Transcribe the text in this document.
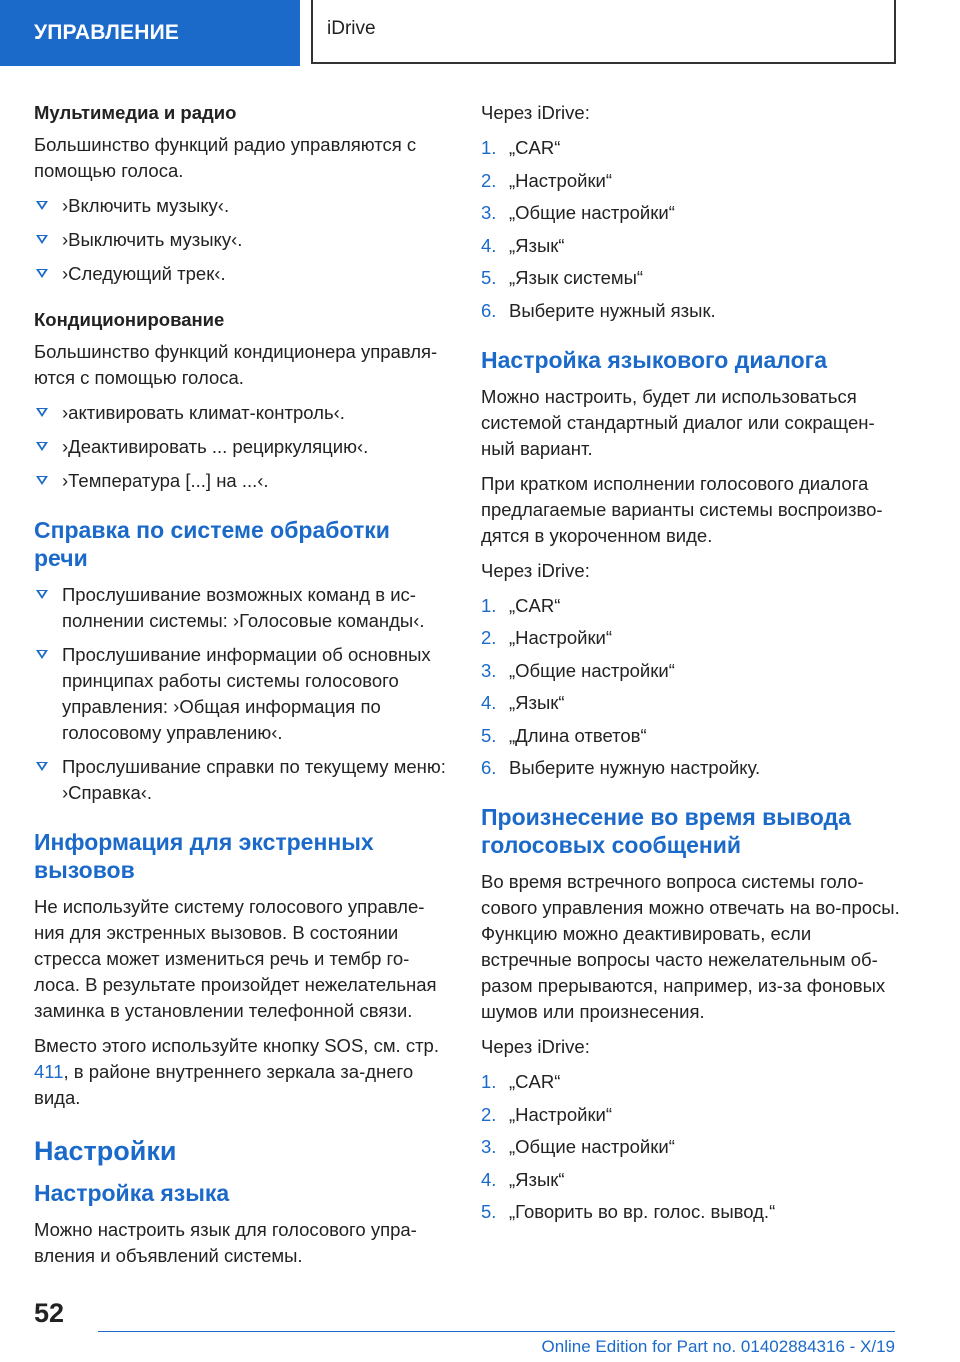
УПРАВЛЕНИЕ	iDrive
Мультимедиа и радио

Большинство функций радио управляются с помощью голоса.

›Включить музыку‹.
›Выключить музыку‹.
›Следующий трек‹.
Кондиционирование

Большинство функций кондиционера управля-ются с помощью голоса.

›активировать климат-контроль‹.
›Деактивировать ... рециркуляцию‹.
›Температура [...] на ...‹.
Справка по системе обработки речи
Прослушивание возможных команд в ис-полнении системы: ›Голосовые команды‹.
Прослушивание информации об основных принципах работы системы голосового управления: ›Общая информация по голосовому управлению‹.
Прослушивание справки по текущему меню: ›Справка‹.
Информация для экстренных вызовов

Не используйте систему голосового управле-ния для экстренных вызовов. В состоянии стресса может измениться речь и тембр го-лоса. В результате произойдет нежелательная заминка в установлении телефонной связи.

Вместо этого используйте кнопку SOS, см. стр. 411, в районе внутреннего зеркала за-днего вида.

Настройки
Настройка языка

Можно настроить язык для голосового упра-вления и объявлений системы.

Через iDrive:

1. „CAR“
2. „Настройки“
3. „Общие настройки“
4. „Язык“
5. „Язык системы“
6. Выберите нужный язык.
Настройка языкового диалога

Можно настроить, будет ли использоваться системой стандартный диалог или сокращен-ный вариант.

При кратком исполнении голосового диалога предлагаемые варианты системы воспроизво-дятся в укороченном виде.

Через iDrive:

1. „CAR“
2. „Настройки“
3. „Общие настройки“
4. „Язык“
5. „Длина ответов“
6. Выберите нужную настройку.
Произнесение во время вывода голосовых сообщений

Во время встречного вопроса системы голо-сового управления можно отвечать на во-просы. Функцию можно деактивировать, если встречные вопросы часто нежелательным об-разом прерываются, например, из-за фоновых шумов или произнесения.

Через iDrive:

1. „CAR“
2. „Настройки“
3. „Общие настройки“
4. „Язык“
5. „Говорить во вр. голос. вывод.“
52
Online Edition for Part no. 01402884316 - X/19
